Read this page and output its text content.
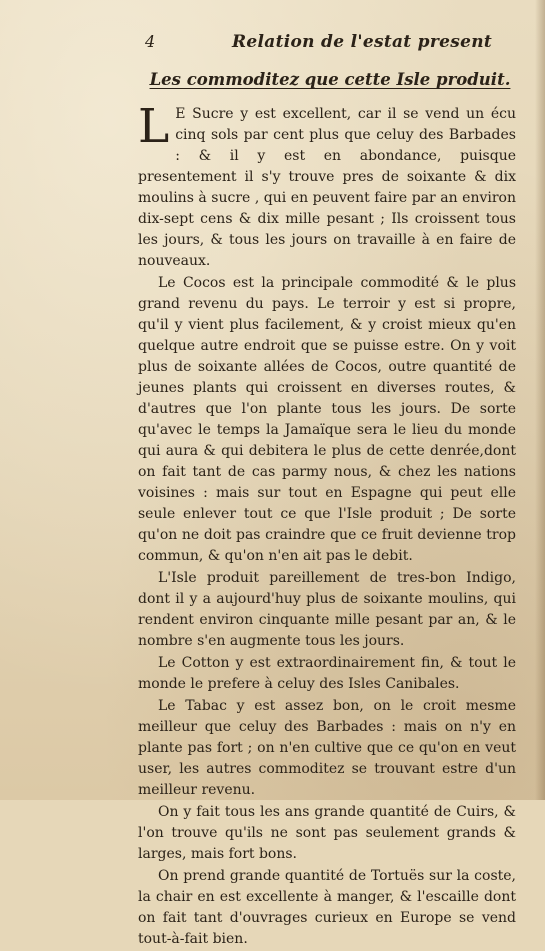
4	Relation de l'estat present
Les commoditez que cette Isle produit.

L E Sucre y est excellent, car il se vend un écu cinq sols par cent plus que celuy des Barbades : & il y est en abondance, puisque presentement il s'y trouve pres de soixante & dix moulins à sucre , qui en peuvent faire par an environ dix-sept cens & dix mille pesant ; Ils croissent tous les jours, & tous les jours on travaille à en faire de nouveaux.

Le Cocos est la principale commodité & le plus grand revenu du pays. Le terroir y est si propre, qu'il y vient plus facilement, & y croist mieux qu'en quelque autre endroit que se puisse estre. On y voit plus de soixante allées de Cocos, outre quantité de jeunes plants qui croissent en diverses routes, & d'autres que l'on plante tous les jours. De sorte qu'avec le temps la Jamaïque sera le lieu du monde qui aura & qui debitera le plus de cette denrée,dont on fait tant de cas parmy nous, & chez les nations voisines : mais sur tout en Espagne qui peut elle seule enlever tout ce que l'Isle produit ; De sorte qu'on ne doit pas craindre que ce fruit devienne trop commun, & qu'on n'en ait pas le debit.

L'Isle produit pareillement de tres-bon Indigo, dont il y a aujourd'huy plus de soixante moulins, qui rendent environ cinquante mille pesant par an, & le nombre s'en augmente tous les jours.

Le Cotton y est extraordinairement fin, & tout le monde le prefere à celuy des Isles Canibales.

Le Tabac y est assez bon, on le croit mesme meilleur que celuy des Barbades : mais on n'y en plante pas fort ; on n'en cultive que ce qu'on en veut user, les autres commoditez se trouvant estre d'un meilleur revenu.

On y fait tous les ans grande quantité de Cuirs, & l'on trouve qu'ils ne sont pas seulement grands & larges, mais fort bons.

On prend grande quantité de Tortuës sur la coste, la chair en est excellente à manger, & l'escaille dont on fait tant d'ouvrages curieux en Europe se vend tout-à-fait bien.
